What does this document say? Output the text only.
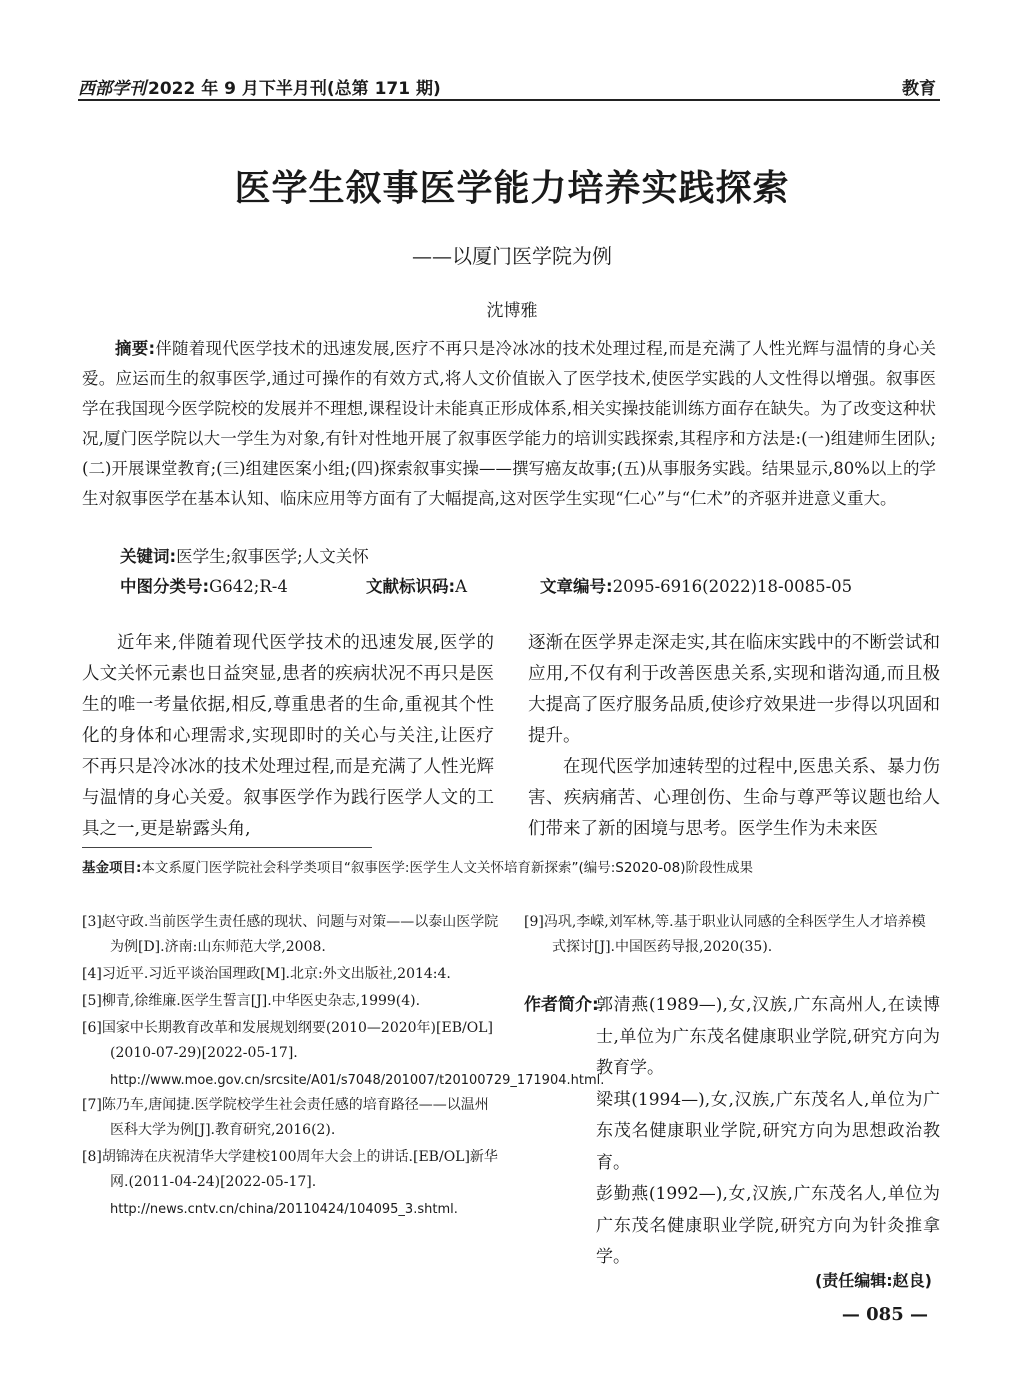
西部学刊 2022 年 9 月下半月刊(总第 171 期)	教育
医学生叙事医学能力培养实践探索
——以厦门医学院为例
沈博雅
摘要:伴随着现代医学技术的迅速发展,医疗不再只是冷冰冰的技术处理过程,而是充满了人性光辉与温情的身心关爱。应运而生的叙事医学,通过可操作的有效方式,将人文价值嵌入了医学技术,使医学实践的人文性得以增强。叙事医学在我国现今医学院校的发展并不理想,课程设计未能真正形成体系,相关实操技能训练方面存在缺失。为了改变这种状况,厦门医学院以大一学生为对象,有针对性地开展了叙事医学能力的培训实践探索,其程序和方法是:(一)组建师生团队;(二)开展课堂教育;(三)组建医案小组;(四)探索叙事实操——撰写癌友故事;(五)从事服务实践。结果显示,80%以上的学生对叙事医学在基本认知、临床应用等方面有了大幅提高,这对医学生实现“仁心”与“仁术”的齐驱并进意义重大。
关键词:医学生;叙事医学;人文关怀
中图分类号:G642;R-4	文献标识码:A	文章编号:2095-6916(2022)18-0085-05

近年来,伴随着现代医学技术的迅速发展,医学的人文关怀元素也日益突显,患者的疾病状况不再只是医生的唯一考量依据,相反,尊重患者的生命,重视其个性化的身体和心理需求,实现即时的关心与关注,让医疗不再只是冷冰冰的技术处理过程,而是充满了人性光辉与温情的身心关爱。叙事医学作为践行医学人文的工具之一,更是崭露头角,

逐渐在医学界走深走实,其在临床实践中的不断尝试和应用,不仅有利于改善医患关系,实现和谐沟通,而且极大提高了医疗服务品质,使诊疗效果进一步得以巩固和提升。

在现代医学加速转型的过程中,医患关系、暴力伤害、疾病痛苦、心理创伤、生命与尊严等议题也给人们带来了新的困境与思考。医学生作为未来医

基金项目:本文系厦门医学院社会科学类项目“叙事医学:医学生人文关怀培育新探索”(编号:S2020-08)阶段性成果
[3]赵守政.当前医学生责任感的现状、问题与对策——以泰山医学院为例[D].济南:山东师范大学,2008.
[4]习近平.习近平谈治国理政[M].北京:外文出版社,2014:4.
[5]柳青,徐维廉.医学生誓言[J].中华医史杂志,1999(4).
[6]国家中长期教育改革和发展规划纲要(2010—2020年)[EB/OL](2010-07-29)[2022-05-17].
http://www.moe.gov.cn/srcsite/A01/s7048/201007/t20100729_171904.html.
[7]陈乃车,唐闻捷.医学院校学生社会责任感的培育路径——以温州医科大学为例[J].教育研究,2016(2).
[8]胡锦涛在庆祝清华大学建校100周年大会上的讲话.[EB/OL]新华网.(2011-04-24)[2022-05-17].
http://news.cntv.cn/china/20110424/104095_3.shtml.
[9]冯巩,李嵘,刘军林,等.基于职业认同感的全科医学生人才培养模式探讨[J].中国医药导报,2020(35).
作者简介:

郭清燕(1989—),女,汉族,广东高州人,在读博士,单位为广东茂名健康职业学院,研究方向为教育学。

梁琪(1994—),女,汉族,广东茂名人,单位为广东茂名健康职业学院,研究方向为思想政治教育。

彭勤燕(1992—),女,汉族,广东茂名人,单位为广东茂名健康职业学院,研究方向为针灸推拿学。

(责任编辑:赵良)
— 085 —
